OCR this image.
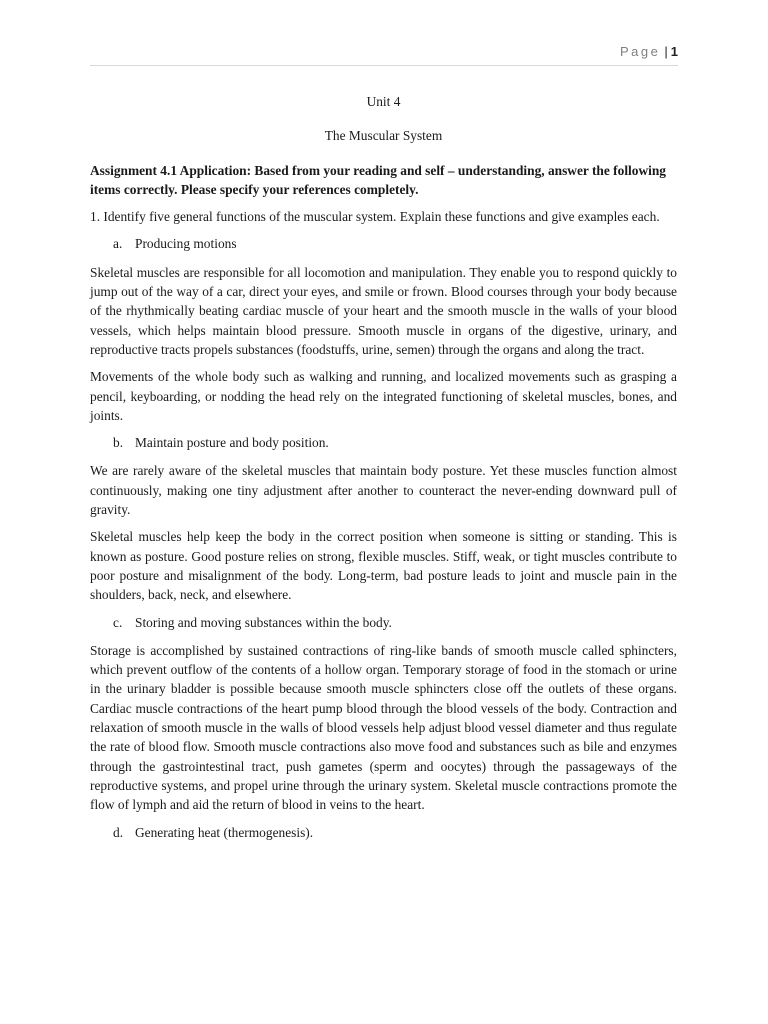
Page | 1

Unit 4

The Muscular System

Assignment 4.1 Application: Based from your reading and self – understanding, answer the following items correctly. Please specify your references completely.

1. Identify five general functions of the muscular system. Explain these functions and give examples each.

a. Producing motions

Skeletal muscles are responsible for all locomotion and manipulation. They enable you to respond quickly to jump out of the way of a car, direct your eyes, and smile or frown. Blood courses through your body because of the rhythmically beating cardiac muscle of your heart and the smooth muscle in the walls of your blood vessels, which helps maintain blood pressure. Smooth muscle in organs of the digestive, urinary, and reproductive tracts propels substances (foodstuffs, urine, semen) through the organs and along the tract.

Movements of the whole body such as walking and running, and localized movements such as grasping a pencil, keyboarding, or nodding the head rely on the integrated functioning of skeletal muscles, bones, and joints.

b. Maintain posture and body position.

We are rarely aware of the skeletal muscles that maintain body posture. Yet these muscles function almost continuously, making one tiny adjustment after another to counteract the never-ending downward pull of gravity.

Skeletal muscles help keep the body in the correct position when someone is sitting or standing. This is known as posture. Good posture relies on strong, flexible muscles. Stiff, weak, or tight muscles contribute to poor posture and misalignment of the body. Long-term, bad posture leads to joint and muscle pain in the shoulders, back, neck, and elsewhere.

c. Storing and moving substances within the body.

Storage is accomplished by sustained contractions of ring-like bands of smooth muscle called sphincters, which prevent outflow of the contents of a hollow organ. Temporary storage of food in the stomach or urine in the urinary bladder is possible because smooth muscle sphincters close off the outlets of these organs. Cardiac muscle contractions of the heart pump blood through the blood vessels of the body. Contraction and relaxation of smooth muscle in the walls of blood vessels help adjust blood vessel diameter and thus regulate the rate of blood flow. Smooth muscle contractions also move food and substances such as bile and enzymes through the gastrointestinal tract, push gametes (sperm and oocytes) through the passageways of the reproductive systems, and propel urine through the urinary system. Skeletal muscle contractions promote the flow of lymph and aid the return of blood in veins to the heart.

d. Generating heat (thermogenesis).
